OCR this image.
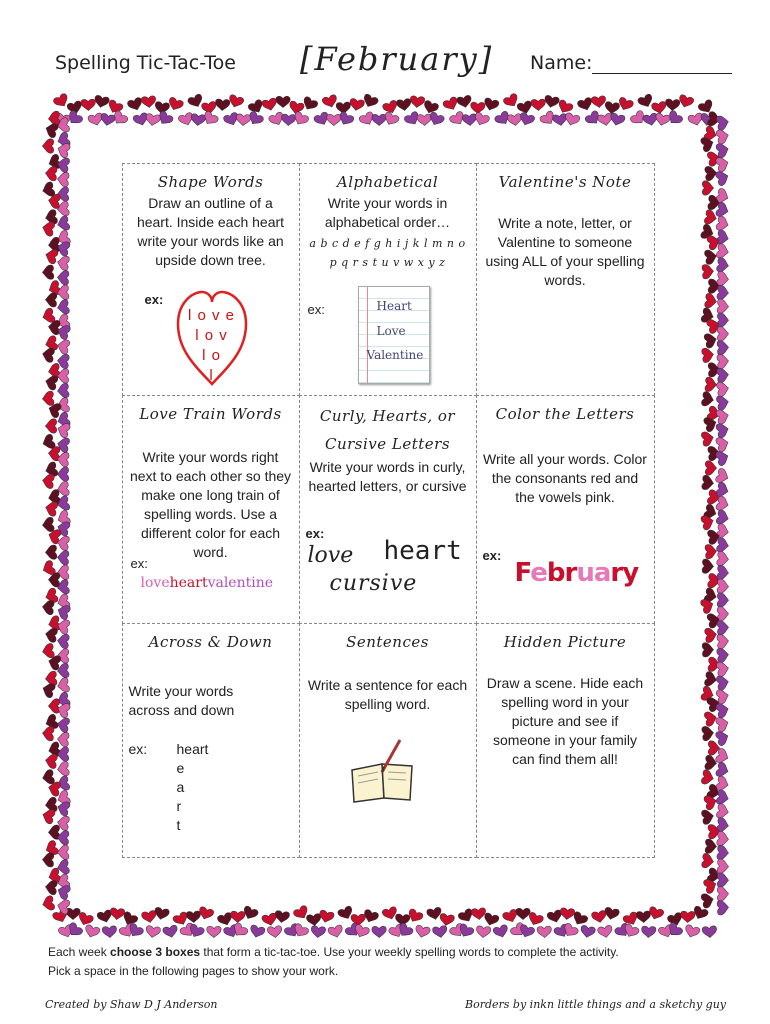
Spelling Tic-Tac-Toe [February] Name:
Shape Words
Draw an outline of a heart. Inside each heart write your words like an upside down tree.
ex:
l o v e
l o v
l o
l
Alphabetical
Write your words in alphabetical order…
a b c d e f g h i j k l m n o
p q r s t u v w x y z
ex:	Heart
Love
Valentine
Valentine's Note
Write a note, letter, or Valentine to someone using ALL of your spelling words.
Love Train Words
Write your words right next to each other so they make one long train of spelling words. Use a different color for each word.
ex:
loveheartvalentine
Curly, Hearts, or Cursive Letters
Write your words in curly, hearted letters, or cursive
ex:
love heart
cursive
Color the Letters
Write all your words. Color the consonants red and the vowels pink.
ex:
February
Across & Down
Write your words across and down
ex: heart
e
a
r
t
Sentences
Write a sentence for each spelling word.
Hidden Picture
Draw a scene. Hide each spelling word in your picture and see if someone in your family can find them all!
Each week choose 3 boxes that form a tic-tac-toe. Use your weekly spelling words to complete the activity.
Pick a space in the following pages to show your work.
Created by Shaw D J Anderson	Borders by inkn little things and a sketchy guy
